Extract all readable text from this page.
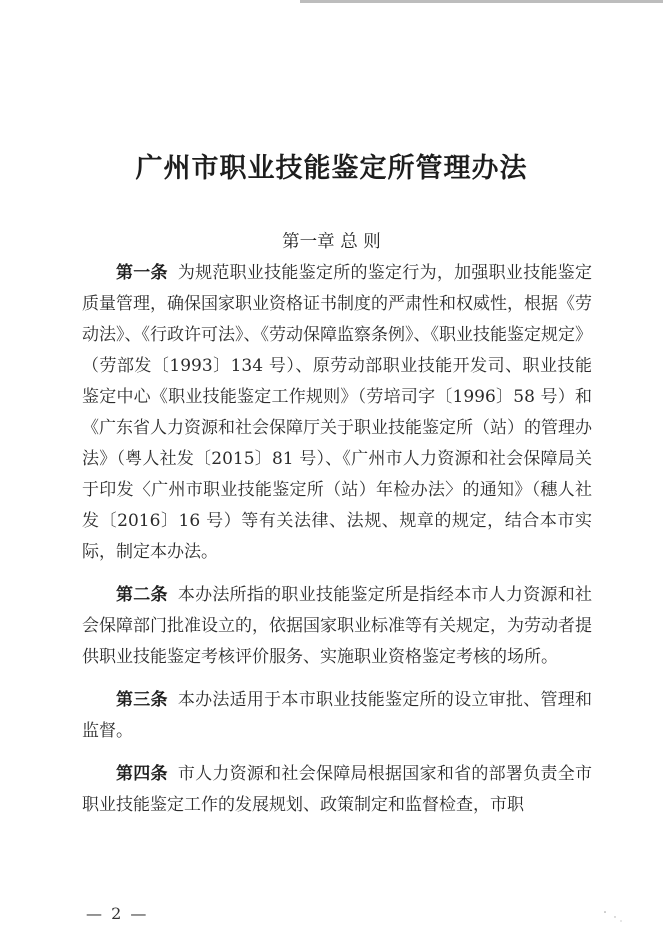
广州市职业技能鉴定所管理办法
第一章 总 则

第一条 为规范职业技能鉴定所的鉴定行为，加强职业技能鉴定质量管理，确保国家职业资格证书制度的严肃性和权威性，根据《劳动法》、《行政许可法》、《劳动保障监察条例》、《职业技能鉴定规定》（劳部发〔1993〕134 号）、原劳动部职业技能开发司、职业技能鉴定中心《职业技能鉴定工作规则》（劳培司字〔1996〕58 号）和《广东省人力资源和社会保障厅关于职业技能鉴定所（站）的管理办法》（粤人社发〔2015〕81 号）、《广州市人力资源和社会保障局关于印发〈广州市职业技能鉴定所（站）年检办法〉的通知》（穗人社发〔2016〕16 号）等有关法律、法规、规章的规定，结合本市实际，制定本办法。

第二条 本办法所指的职业技能鉴定所是指经本市人力资源和社会保障部门批准设立的，依据国家职业标准等有关规定，为劳动者提供职业技能鉴定考核评价服务、实施职业资格鉴定考核的场所。

第三条 本办法适用于本市职业技能鉴定所的设立审批、管理和监督。

第四条 市人力资源和社会保障局根据国家和省的部署负责全市职业技能鉴定工作的发展规划、政策制定和监督检查，市职

— 2 —
